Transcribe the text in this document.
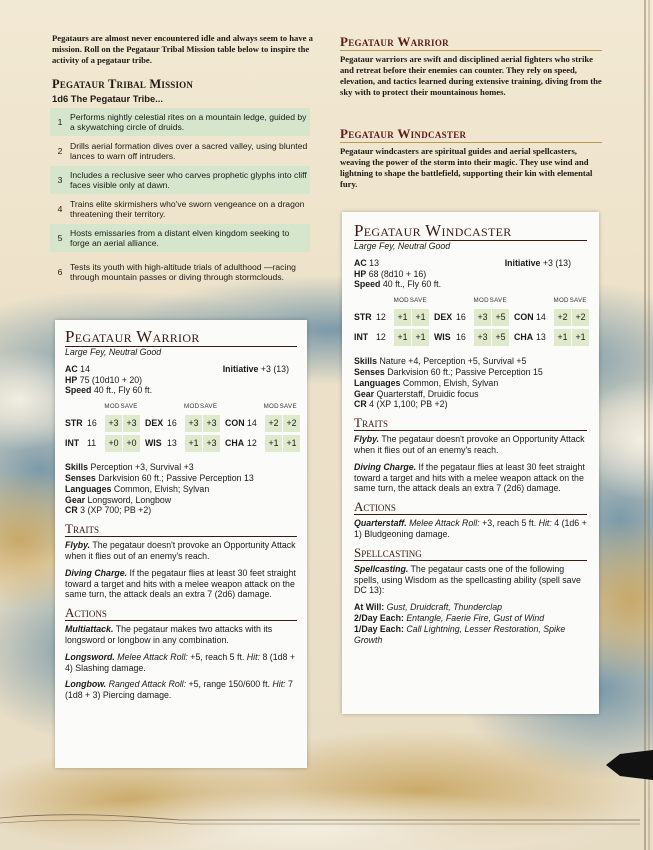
Pegataurs are almost never encountered idle and always seem to have a mission. Roll on the Pegataur Tribal Mission table below to inspire the activity of a pegataur tribe.
Pegataur Tribal Mission
1d6 The Pegataur Tribe...
1
Performs nightly celestial rites on a mountain ledge, guided by a skywatching circle of druids.
2
Drills aerial formation dives over a sacred valley, using blunted lances to warn off intruders.
3
Includes a reclusive seer who carves prophetic glyphs into cliff faces visible only at dawn.
4
Trains elite skirmishers who've sworn vengeance on a dragon threatening their territory.
5
Hosts emissaries from a distant elven kingdom seeking to forge an aerial alliance.
6
Tests its youth with high-altitude trials of adulthood —racing through mountain passes or diving through stormclouds.
Pegataur Warrior
Pegataur warriors are swift and disciplined aerial fighters who strike and retreat before their enemies can counter. They rely on speed, elevation, and tactics learned during extensive training, diving from the sky with to protect their mountainous homes.
Pegataur Windcaster
Pegataur windcasters are spiritual guides and aerial spellcasters, weaving the power of the storm into their magic. They use wind and lightning to shape the battlefield, supporting their kin with elemental fury.
Pegataur Warrior
Large Fey, Neutral Good
AC 14	Initiative +3 (13)
HP 75 (10d10 + 20)
Speed 40 ft., Fly 60 ft.
MOD SAVE	MOD SAVE	MOD SAVE
STR 16	+3 +3 DEX 16	+3 +3 CON 14	+2 +2
INT 11	+0 +0 WIS 13	+1 +3 CHA 12	+1 +1
Skills Perception +3, Survival +3
Senses Darkvision 60 ft.; Passive Perception 13
Languages Common, Elvish; Sylvan
Gear Longsword, Longbow
CR 3 (XP 700; PB +2)
Traits
Flyby. The pegataur doesn't provoke an Opportunity Attack when it flies out of an enemy's reach.
Diving Charge. If the pegataur flies at least 30 feet straight toward a target and hits with a melee weapon attack on the same turn, the attack deals an extra 7 (2d6) damage.
Actions
Multiattack. The pegataur makes two attacks with its longsword or longbow in any combination.
Longsword. Melee Attack Roll: +5, reach 5 ft. Hit: 8 (1d8 + 4) Slashing damage.
Longbow. Ranged Attack Roll: +5, range 150/600 ft. Hit: 7 (1d8 + 3) Piercing damage.
Pegataur Windcaster
Large Fey, Neutral Good
AC 13	Initiative +3 (13)
HP 68 (8d10 + 16)
Speed 40 ft., Fly 60 ft.
MOD SAVE	MOD SAVE	MOD SAVE
STR 12	+1 +1 DEX 16	+3 +5 CON 14	+2 +2
INT 12	+1 +1 WIS 16	+3 +5 CHA 13	+1 +1
Skills Nature +4, Perception +5, Survival +5
Senses Darkvision 60 ft.; Passive Perception 15
Languages Common, Elvish, Sylvan
Gear Quarterstaff, Druidic focus
CR 4 (XP 1,100; PB +2)
Traits
Flyby. The pegataur doesn't provoke an Opportunity Attack when it flies out of an enemy's reach.
Diving Charge. If the pegataur flies at least 30 feet straight toward a target and hits with a melee weapon attack on the same turn, the attack deals an extra 7 (2d6) damage.
Actions
Quarterstaff. Melee Attack Roll: +3, reach 5 ft. Hit: 4 (1d6 + 1) Bludgeoning damage.
Spellcasting
Spellcasting. The pegataur casts one of the following spells, using Wisdom as the spellcasting ability (spell save DC 13):
At Will: Gust, Druidcraft, Thunderclap
2/Day Each: Entangle, Faerie Fire, Gust of Wind
1/Day Each: Call Lightning, Lesser Restoration, Spike Growth
